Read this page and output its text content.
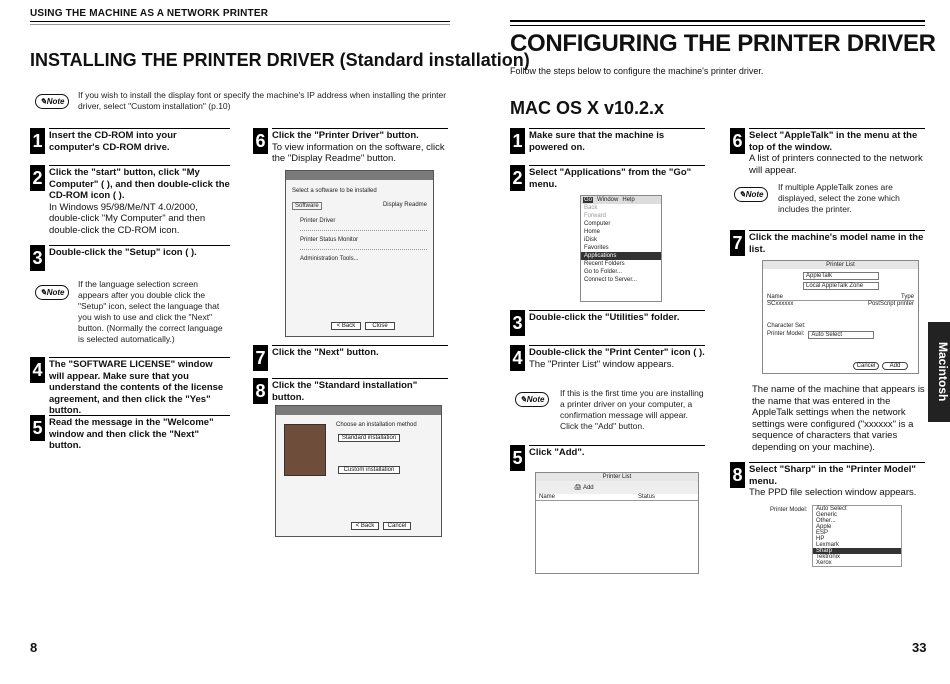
USING THE MACHINE AS A NETWORK PRINTER
INSTALLING THE PRINTER DRIVER (Standard installation)
✎Note
If you wish to install the display font or specify the machine's IP address when installing the printer driver, select "Custom installation" (p.10)
1 Insert the CD-ROM into your computer's CD-ROM drive.
2 Click the "start" button, click "My Computer" ( ), and then double-click the CD-ROM icon ( ).
In Windows 95/98/Me/NT 4.0/2000, double-click "My Computer" and then double-click the CD-ROM icon.
3 Double-click the "Setup" icon ( ).
✎Note
If the language selection screen appears after you double click the "Setup" icon, select the language that you wish to use and click the "Next" button. (Normally the correct language is selected automatically.)
4 The "SOFTWARE LICENSE" window will appear. Make sure that you understand the contents of the license agreement, and then click the "Yes" button.
5 Read the message in the "Welcome" window and then click the "Next" button.
6 Click the "Printer Driver" button.
To view information on the software, click the "Display Readme" button.
Select a software to be installed
Software	Display Readme
Printer Driver
Printer Status Monitor
Administration Tools...
< Back	Close
7 Click the "Next" button.
8 Click the "Standard installation" button.
Choose an installation method
Standard installation
Custom installation
< Back	Cancel
8
CONFIGURING THE PRINTER DRIVER
Follow the steps below to configure the machine's printer driver.
MAC OS X v10.2.x
1 Make sure that the machine is powered on.
2 Select "Applications" from the "Go" menu.
Go Window Help
Back
Forward
Computer
Home
iDisk
Favorites
Applications
Recent Folders
Go to Folder...
Connect to Server...
3 Double-click the "Utilities" folder.
4 Double-click the "Print Center" icon ( ).
The "Printer List" window appears.
✎Note
If this is the first time you are installing a printer driver on your computer, a confirmation message will appear. Click the "Add" button.
5 Click "Add".
Printer List
🖨 Add
Name	Status
6 Select "AppleTalk" in the menu at the top of the window.
A list of printers connected to the network will appear.
✎Note
If multiple AppleTalk zones are displayed, select the zone which includes the printer.
7 Click the machine's model name in the list.
Printer List
AppleTalk
Local AppleTalk Zone
Name	Type
SCxxxxxx	PostScript printer
Character Set:
Printer Model:	Auto Select
Cancel	Add
The name of the machine that appears is the name that was entered in the AppleTalk settings when the network settings were configured ("xxxxxx" is a sequence of characters that varies depending on your machine).
8 Select "Sharp" in the "Printer Model" menu.
The PPD file selection window appears.
Printer Model:	Auto Select
Generic
Other...
Apple
ESP
HP
Lexmark
Sharp
Tektronix
Xerox
Macintosh
33
